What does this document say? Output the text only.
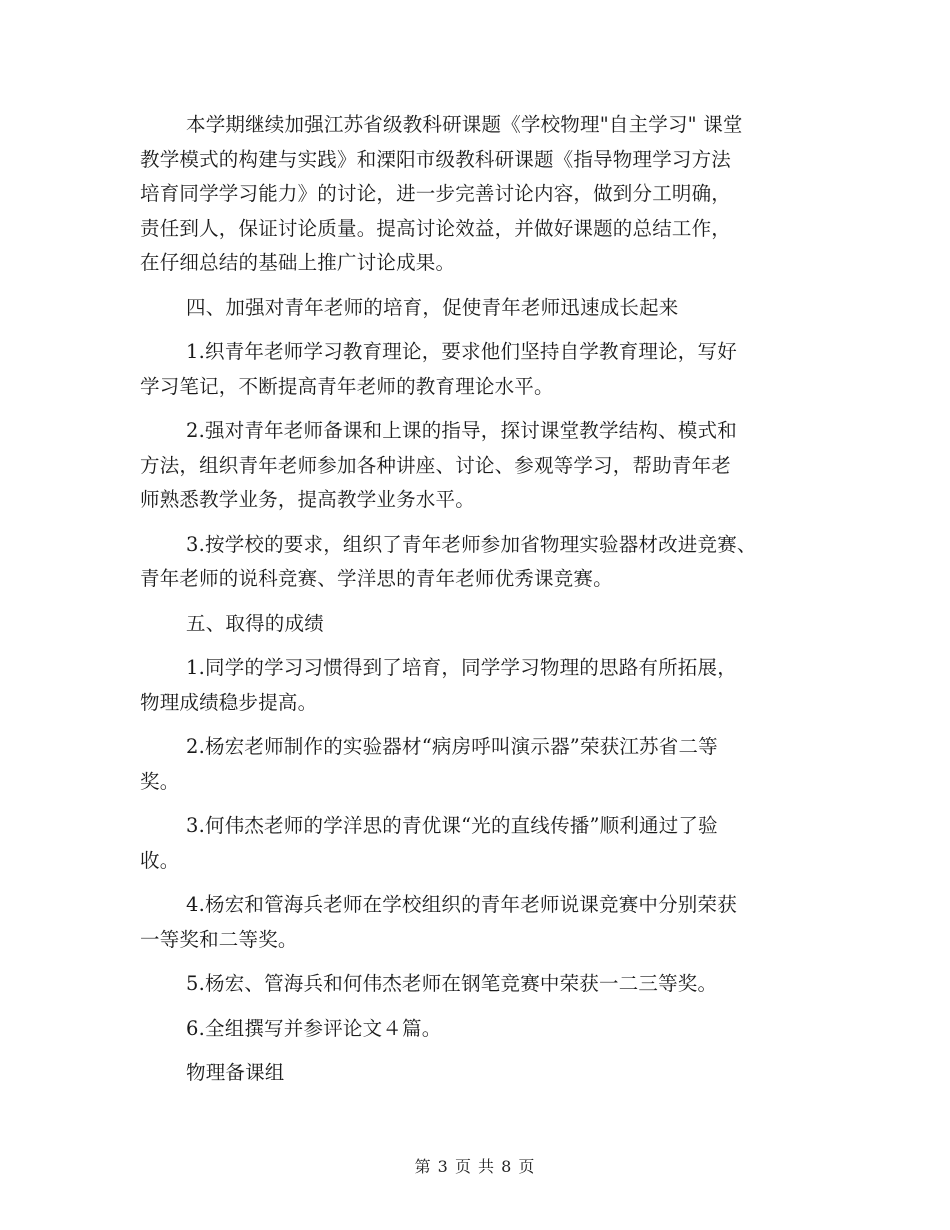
本学期继续加强江苏省级教科研课题《学校物理"自主学习" 课堂
教学模式的构建与实践》和溧阳市级教科研课题《指导物理学习方法
培育同学学习能力》的讨论，进一步完善讨论内容，做到分工明确，
责任到人，保证讨论质量。提高讨论效益，并做好课题的总结工作，
在仔细总结的基础上推广讨论成果。

四、加强对青年老师的培育，促使青年老师迅速成长起来

1.织青年老师学习教育理论，要求他们坚持自学教育理论，写好
学习笔记，不断提高青年老师的教育理论水平。

2.强对青年老师备课和上课的指导，探讨课堂教学结构、模式和
方法，组织青年老师参加各种讲座、讨论、参观等学习，帮助青年老
师熟悉教学业务，提高教学业务水平。

3.按学校的要求，组织了青年老师参加省物理实验器材改进竞赛、
青年老师的说科竞赛、学洋思的青年老师优秀课竞赛。

五、取得的成绩

1.同学的学习习惯得到了培育，同学学习物理的思路有所拓展，
物理成绩稳步提高。

2.杨宏老师制作的实验器材“病房呼叫演示器”荣获江苏省二等
奖。

3.何伟杰老师的学洋思的青优课“光的直线传播”顺利通过了验
收。

4.杨宏和管海兵老师在学校组织的青年老师说课竞赛中分别荣获
一等奖和二等奖。

5.杨宏、管海兵和何伟杰老师在钢笔竞赛中荣获一二三等奖。

6.全组撰写并参评论文４篇。

物理备课组

第 3 页 共 8 页
